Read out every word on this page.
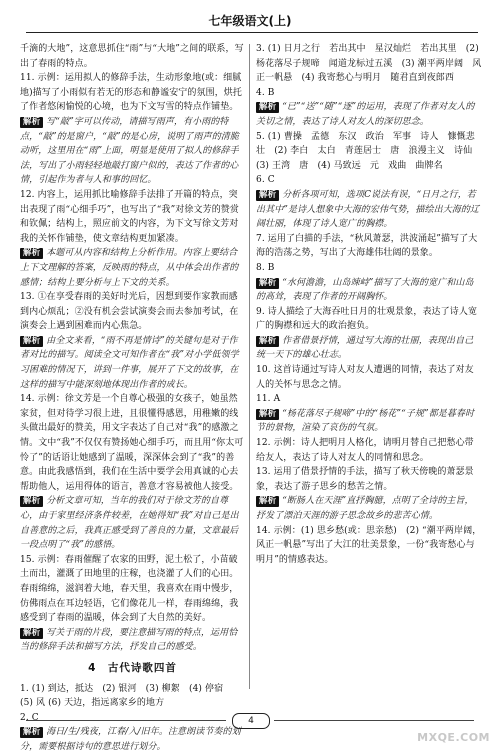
七年级语文(上)

千滴的大地”，这意思抓住“雨”与“大地”之间的联系，写出了春雨的特点。

11. 示例：运用拟人的修辞手法，生动形象地(或：细腻地)描写了小雨似有若无的形态和静谧安宁的氛围，烘托了作者悠闲愉悦的心境，也为下文写雪的特点作铺垫。

解析 写“敲”字可以传动，请描写雨声，有小雨的特点，“敲”的是窗户，“敲”的是心房，说明了雨声的清脆动听，这里用在“雨”上面，明显是使用了拟人的修辞手法，写出了小雨轻轻地敲打窗户似的，表达了作者的心情，引起作为者与人和事的回忆。

12. 内容上，运用抓比喻修辞手法排了开篇的特点，突出表现了雨“心细手巧”，也写出了“我”对徐文芳的赞赏和钦佩；结构上，照应前文的内容，为下文写徐文芳对我的关怀作铺垫，使文章结构更加紧凑。

解析 本题可从内容和结构上分析作用。内容上要结合上下文理解的答案，反映雨的特点，从中体会出作者的感情；结构上要分析与上下文的关系。

13. ①在享受春雨的美好时光后，因想到要作家教而感到内心烦乱；②没有机会尝试演奏会而去参加考试，在演奏会上遇到困难而内心焦急。

解析 由全文来看，“雨不再是情诗”的关键句是对于作者对比的描写。阅读全文可知作者在“我”对小学低领学习困难的情况下，讲到一件事，展开了下文的故事，在这样的描写中能深刻地体现出作者的成长。

14. 示例：徐文芳是一个自尊心极强的女孩子，她虽然家贫，但对待学习很上进，且很懂得感恩，用稚嫩的线头做出最好的赞美，用文字表达了自己对“我”的感激之情。文中“我”不仅仅有赞扬她心细手巧，而且用“你太可怜了”的话语让她感到了温暖，深深体会到了“我”的善意。由此我感悟到，我们在生活中要学会用真诚的心去帮助他人，运用得体的语言，善意才容易被他人接受。

解析 分析文章可知，当年的我们对于徐文芳的自尊心，由于家里经济条件较差，在她得知“我”对自己是出自善意的之后，我真正感受到了善良的力量，文章最后一段点明了“我”的感悟。

15. 示例：春雨催醒了农家的田野，泥土松了，小苗破土而出，灌溉了田地里的庄稼，也浇灌了人们的心田。春雨绵绵，滋润着大地，春天里，我喜欢在雨中慢步，仿佛雨点在耳边轻语，它们像花儿一样，春雨绵绵，我感受到了春雨的温暖，体会到了大自然的美好。

解析 写关于雨的片段，要注意描写雨的特点，运用恰当的修辞手法和描写方法，抒发自己的感受。

4　古代诗歌四首

1. (1) 到达，抵达　(2) 银河　(3) 柳絮　(4) 停宿　(5) 风 (6) 天边，指远离家乡的地方

2. C

解析 海日/生/残夜，江春/入/旧年。注意朗读节奏的划分，需要根据诗句的意思进行划分。

3. (1) 日月之行　若出其中　星汉灿烂　若出其里　(2) 杨花落尽子规啼　闻道龙标过五溪　(3) 潮平两岸阔　风正一帆悬　(4) 我寄愁心与明月　随君直到夜郎西

4. B

解析 “已”“送”“随”“逐”的运用，表现了作者对友人的关切之情，表达了诗人对友人的深切思念。

5. (1) 曹操　孟德　东汉　政治　军事　诗人　慷慨悲壮　(2) 李白　太白　青莲居士　唐　浪漫主义　诗仙　(3) 王湾　唐　(4) 马致远　元　戏曲　曲牌名

6. C

解析 分析各项可知，选项C说法有误，“日月之行，若出其中”是诗人想象中大海的宏伟气势，描绘出大海的辽阔壮丽，体现了诗人宽广的胸襟。

7. 运用了白描的手法，“秋风萧瑟，洪波涌起”描写了大海的浩荡之势，写出了大海雄伟壮阔的景象。

8. B

解析 “水何澹澹，山岛竦峙”描写了大海的宽广和山岛的高耸，表现了作者的开阔胸怀。

9. 诗人描绘了大海吞吐日月的壮观景象，表达了诗人宽广的胸襟和远大的政治抱负。

解析 作者借景抒情，通过写大海的壮丽，表现出自己统一天下的雄心壮志。

10. 这首诗通过写诗人对友人遭遇的同情，表达了对友人的关怀与思念之情。

11. A

解析 “杨花落尽子规啼”中的“杨花”“子规”都是暮春时节的景物，渲染了哀伤的气氛。

12. 示例：诗人把明月人格化，请明月替自己把愁心带给友人，表达了诗人对友人的同情和思念。

13. 运用了借景抒情的手法，描写了秋天傍晚的萧瑟景象，表达了游子思乡的愁苦之情。

解析 “断肠人在天涯”直抒胸臆，点明了全诗的主旨，抒发了漂泊天涯的游子思念故乡的悲苦心情。

14. 示例：(1) 思乡愁(或：思亲愁)　(2) “潮平两岸阔，风正一帆悬”写出了大江的壮美景象，一份“我寄愁心与明月”的情感表达。

4
MXQE.COM
